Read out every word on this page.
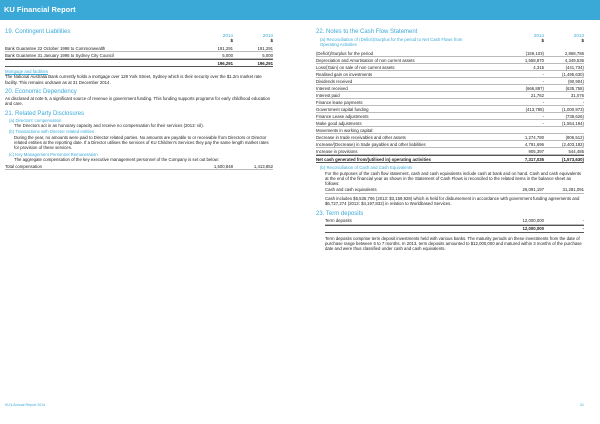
KU Financial Report
19. Contingent Liabilities
2014	2013
$	$
Bank Guarantee 22 October 1998 to Commonwealth	191,291	191,291
Bank Guarantee 31 January 1995 to Sydney City Council	5,000	5,000
196,291	196,291
Mortgage and facilities
The National Australia Bank currently holds a mortgage over 129 York Street, Sydney which is their security over the $1.2m market rate facility. This remains undrawn as at 31 December 2014.
20. Economic Dependency
As disclosed at note 5, a significant source of revenue is government funding. This funding supports programs for early childhood education and care.
21. Related Party Disclosures
(a) Directors' compensation
The Directors act in an honorary capacity and receive no compensation for their services (2013: nil).
(b) Transactions with Director related entities
During the year, no amounts were paid to Director related parties. No amounts are payable to or receivable from Directors or Director related entities at the reporting date. If a Director utilises the services of KU Children's Services they pay the same length market rates for provision of these services.
(c) Key Management Personnel Remuneration
The aggregate compensation of the key executive management personnel of the Company is set out below:
Total compensation	1,500,848	1,413,852
22. Notes to the Cash Flow Statement
2014	2013
$	$
(a) Reconciliation of (Deficit)/Surplus for the period to Net Cash Flows from Operating Activities
(Deficit)/Surplus for the period	(159,103)	2,868,786
Depreciation and Amortisation of non current assets	1,558,870	4,349,536
Loss/(Gain) on sale of non current assets	4,315	(441,734)
Realised gain on investments	-	(1,495,630)
Dividends received	-	(90,904)
Interest received	(666,897)	(635,758)
Interest paid	21,762	31,076
Finance lease payments	-	-
Government capital funding	(413,785)	(1,000,973)
Finance Lease adjustments	-	(738,626)
Make good adjustments	-	(1,554,194)
Movements in working capital:
Decrease in trade receivables and other assets	1,274,780	(806,512)
Increase/(Decrease) in trade payables and other liabilities	4,791,696	(2,403,182)
Increase in provisions	905,397	544,485
Net cash generated from/(utilised in) operating activities	7,317,035	(1,573,630)
(b) Reconciliation of Cash and Cash Equivalents
For the purposes of the cash flow statement, cash and cash equivalents include cash at bank and on hand. Cash and cash equivalents at the end of the financial year as shown in the Statement of Cash Flows is reconciled to the related items in the balance sheet as follows:
Cash and cash equivalents	26,091,197	31,281,091
Cash includes $5,535,706 (2013: $3,159,928) which is held for disbursement in accordance with government funding agreements and $6,727,274 (2013: $4,197,832) in relation to Worldbased Services.
23. Term deposits
Term deposits	12,000,000	-
12,000,000	-
Term deposits comprise term deposit investments held with various banks. The maturity periods on these investments from the date of purchase range between 6 to 7 months. In 2013, term deposits amounted to $12,000,000 and matured within 3 months of the purchase date and were thus classified under cash and cash equivalents.
KU's Annual Report 2014	31
